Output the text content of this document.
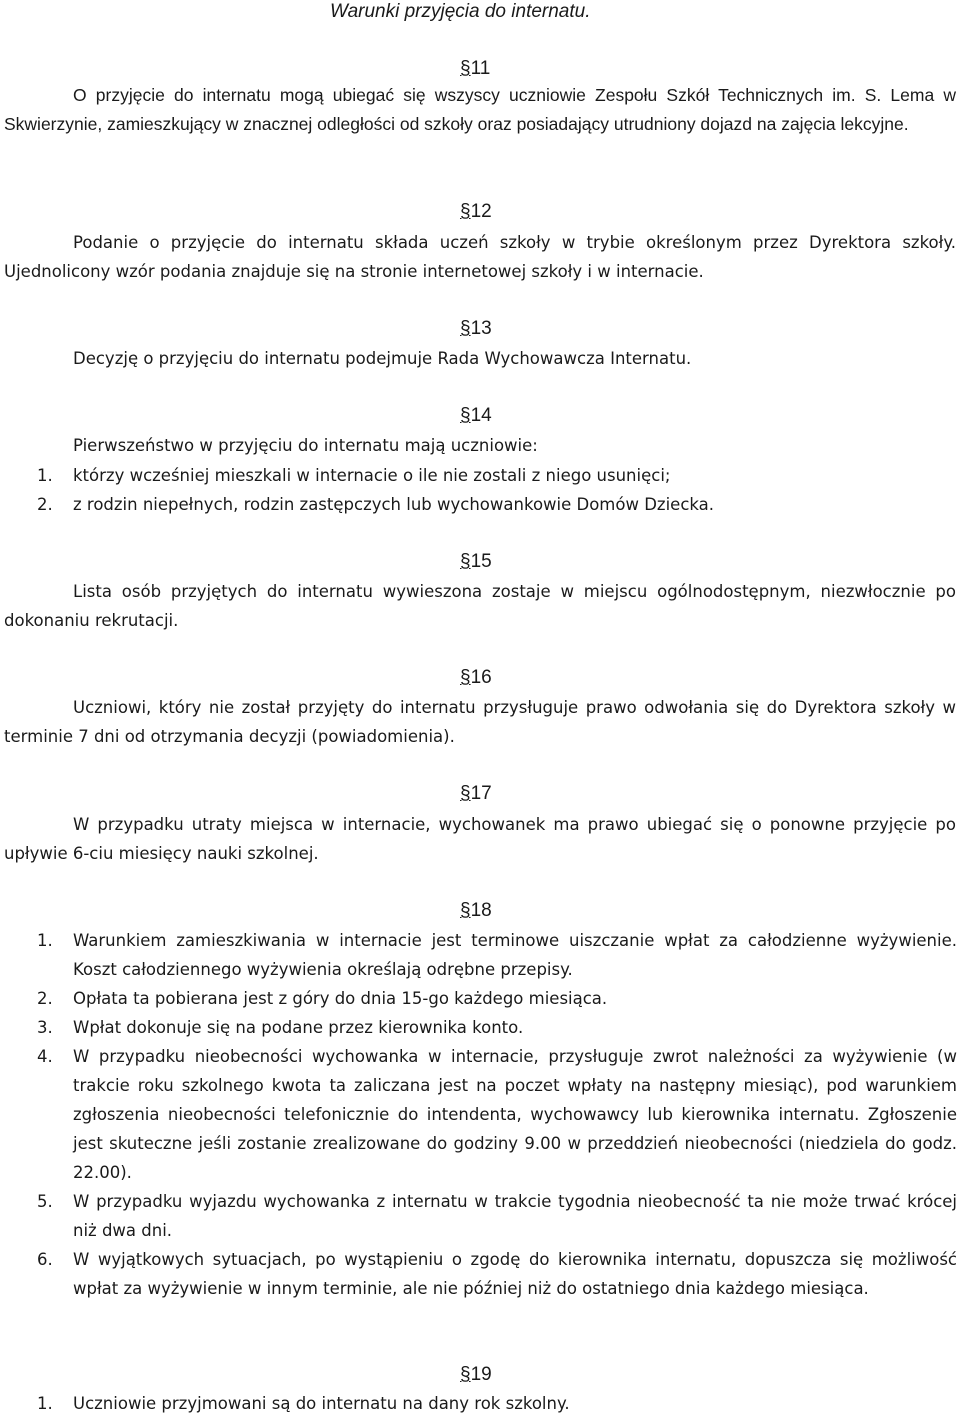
Warunki przyjęcia do internatu.
§11

O przyjęcie do internatu mogą ubiegać się wszyscy uczniowie Zespołu Szkół Technicznych im. S. Lema w Skwierzynie, zamieszkujący w znacznej odległości od szkoły oraz posiadający utrudniony dojazd na zajęcia lekcyjne.

§12

Podanie o przyjęcie do internatu składa uczeń szkoły w trybie określonym przez Dyrektora szkoły. Ujednolicony wzór podania znajduje się na stronie internetowej szkoły i w internacie.

§13

Decyzję o przyjęciu do internatu podejmuje Rada Wychowawcza Internatu.

§14

Pierwszeństwo w przyjęciu do internatu mają uczniowie:

1. którzy wcześniej mieszkali w internacie o ile nie zostali z niego usunięci;

2. z rodzin niepełnych, rodzin zastępczych lub wychowankowie Domów Dziecka.

§15

Lista osób przyjętych do internatu wywieszona zostaje w miejscu ogólnodostępnym, niezwłocznie po dokonaniu rekrutacji.

§16

Uczniowi, który nie został przyjęty do internatu przysługuje prawo odwołania się do Dyrektora szkoły w terminie 7 dni od otrzymania decyzji (powiadomienia).

§17

W przypadku utraty miejsca w internacie, wychowanek ma prawo ubiegać się o ponowne przyjęcie po upływie 6-ciu miesięcy nauki szkolnej.

§18
1. Warunkiem zamieszkiwania w internacie jest terminowe uiszczanie wpłat za całodzienne wyżywienie. Koszt całodziennego wyżywienia określają odrębne przepisy.

2. Opłata ta pobierana jest z góry do dnia 15-go każdego miesiąca.

3. Wpłat dokonuje się na podane przez kierownika konto.

4. W przypadku nieobecności wychowanka w internacie, przysługuje zwrot należności za wyżywienie (w trakcie roku szkolnego kwota ta zaliczana jest na poczet wpłaty na następny miesiąc), pod warunkiem zgłoszenia nieobecności telefonicznie do intendenta, wychowawcy lub kierownika internatu. Zgłoszenie jest skuteczne jeśli zostanie zrealizowane do godziny 9.00 w przeddzień nieobecności (niedziela do godz. 22.00).

5. W przypadku wyjazdu wychowanka z internatu w trakcie tygodnia nieobecność ta nie może trwać krócej niż dwa dni.

6. W wyjątkowych sytuacjach, po wystąpieniu o zgodę do kierownika internatu, dopuszcza się możliwość wpłat za wyżywienie w innym terminie, ale nie później niż do ostatniego dnia każdego miesiąca.

§19
1. Uczniowie przyjmowani są do internatu na dany rok szkolny.
